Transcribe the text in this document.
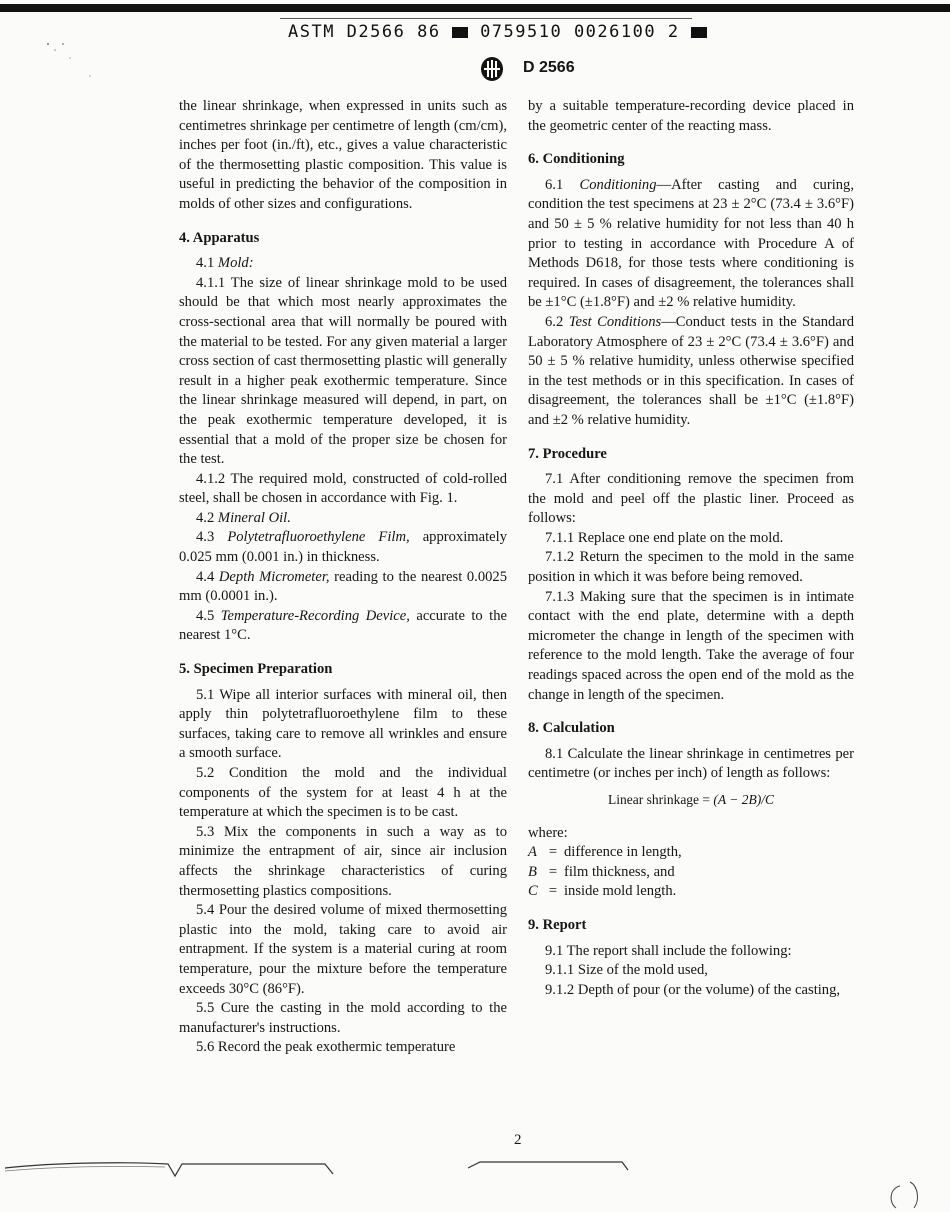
ASTM D2566 86 0759510 0026100 2
D 2566

the linear shrinkage, when expressed in units such as centimetres shrinkage per centimetre of length (cm/cm), inches per foot (in./ft), etc., gives a value characteristic of the thermosetting plastic composition. This value is useful in predicting the behavior of the composition in molds of other sizes and configurations.

4. Apparatus

4.1 Mold:

4.1.1 The size of linear shrinkage mold to be used should be that which most nearly approximates the cross-sectional area that will normally be poured with the material to be tested. For any given material a larger cross section of cast thermosetting plastic will generally result in a higher peak exothermic temperature. Since the linear shrinkage measured will depend, in part, on the peak exothermic temperature developed, it is essential that a mold of the proper size be chosen for the test.

4.1.2 The required mold, constructed of cold-rolled steel, shall be chosen in accordance with Fig. 1.

4.2 Mineral Oil.

4.3 Polytetrafluoroethylene Film, approximately 0.025 mm (0.001 in.) in thickness.

4.4 Depth Micrometer, reading to the nearest 0.0025 mm (0.0001 in.).

4.5 Temperature-Recording Device, accurate to the nearest 1°C.

5. Specimen Preparation

5.1 Wipe all interior surfaces with mineral oil, then apply thin polytetrafluoroethylene film to these surfaces, taking care to remove all wrinkles and ensure a smooth surface.

5.2 Condition the mold and the individual components of the system for at least 4 h at the temperature at which the specimen is to be cast.

5.3 Mix the components in such a way as to minimize the entrapment of air, since air inclusion affects the shrinkage characteristics of curing thermosetting plastics compositions.

5.4 Pour the desired volume of mixed thermosetting plastic into the mold, taking care to avoid air entrapment. If the system is a material curing at room temperature, pour the mixture before the temperature exceeds 30°C (86°F).

5.5 Cure the casting in the mold according to the manufacturer's instructions.

5.6 Record the peak exothermic temperature

by a suitable temperature-recording device placed in the geometric center of the reacting mass.

6. Conditioning

6.1 Conditioning—After casting and curing, condition the test specimens at 23 ± 2°C (73.4 ± 3.6°F) and 50 ± 5 % relative humidity for not less than 40 h prior to testing in accordance with Procedure A of Methods D618, for those tests where conditioning is required. In cases of disagreement, the tolerances shall be ±1°C (±1.8°F) and ±2 % relative humidity.

6.2 Test Conditions—Conduct tests in the Standard Laboratory Atmosphere of 23 ± 2°C (73.4 ± 3.6°F) and 50 ± 5 % relative humidity, unless otherwise specified in the test methods or in this specification. In cases of disagreement, the tolerances shall be ±1°C (±1.8°F) and ±2 % relative humidity.

7. Procedure

7.1 After conditioning remove the specimen from the mold and peel off the plastic liner. Proceed as follows:

7.1.1 Replace one end plate on the mold.

7.1.2 Return the specimen to the mold in the same position in which it was before being removed.

7.1.3 Making sure that the specimen is in intimate contact with the end plate, determine with a depth micrometer the change in length of the specimen with reference to the mold length. Take the average of four readings spaced across the open end of the mold as the change in length of the specimen.

8. Calculation

8.1 Calculate the linear shrinkage in centimetres per centimetre (or inches per inch) of length as follows:

Linear shrinkage = (A − 2B)/C

where:

A = difference in length,
B = film thickness, and
C = inside mold length.
9. Report

9.1 The report shall include the following:

9.1.1 Size of the mold used,

9.1.2 Depth of pour (or the volume) of the casting,

2
